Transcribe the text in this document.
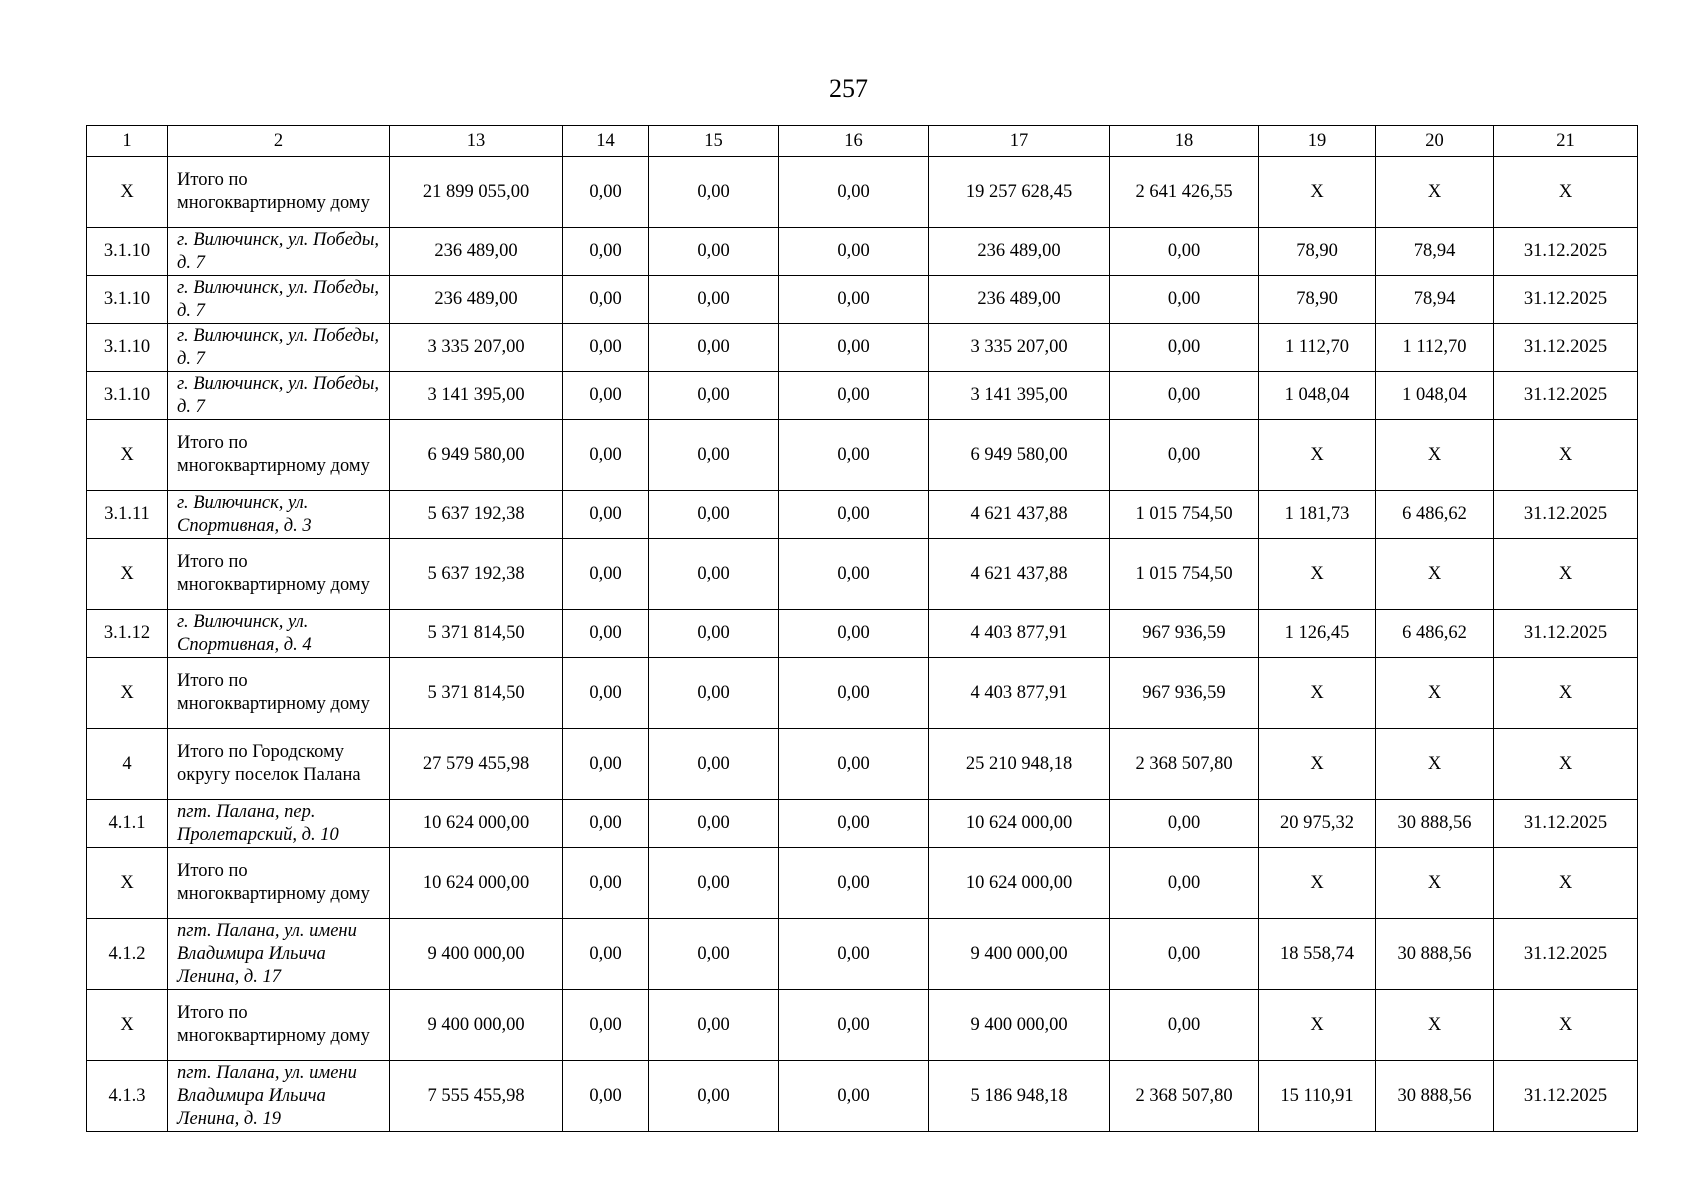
257
1	2	13	14	15	16	17	18	19	20	21
X	Итого по многоквартирному дому	21 899 055,00	0,00	0,00	0,00	19 257 628,45	2 641 426,55	X	X	X
3.1.10	г. Вилючинск, ул. Победы, д. 7	236 489,00	0,00	0,00	0,00	236 489,00	0,00	78,90	78,94	31.12.2025
3.1.10	г. Вилючинск, ул. Победы, д. 7	236 489,00	0,00	0,00	0,00	236 489,00	0,00	78,90	78,94	31.12.2025
3.1.10	г. Вилючинск, ул. Победы, д. 7	3 335 207,00	0,00	0,00	0,00	3 335 207,00	0,00	1 112,70	1 112,70	31.12.2025
3.1.10	г. Вилючинск, ул. Победы, д. 7	3 141 395,00	0,00	0,00	0,00	3 141 395,00	0,00	1 048,04	1 048,04	31.12.2025
X	Итого по многоквартирному дому	6 949 580,00	0,00	0,00	0,00	6 949 580,00	0,00	X	X	X
3.1.11	г. Вилючинск, ул. Спортивная, д. 3	5 637 192,38	0,00	0,00	0,00	4 621 437,88	1 015 754,50	1 181,73	6 486,62	31.12.2025
X	Итого по многоквартирному дому	5 637 192,38	0,00	0,00	0,00	4 621 437,88	1 015 754,50	X	X	X
3.1.12	г. Вилючинск, ул. Спортивная, д. 4	5 371 814,50	0,00	0,00	0,00	4 403 877,91	967 936,59	1 126,45	6 486,62	31.12.2025
X	Итого по многоквартирному дому	5 371 814,50	0,00	0,00	0,00	4 403 877,91	967 936,59	X	X	X
4	Итого по Городскому округу поселок Палана	27 579 455,98	0,00	0,00	0,00	25 210 948,18	2 368 507,80	X	X	X
4.1.1	пгт. Палана, пер. Пролетарский, д. 10	10 624 000,00	0,00	0,00	0,00	10 624 000,00	0,00	20 975,32	30 888,56	31.12.2025
X	Итого по многоквартирному дому	10 624 000,00	0,00	0,00	0,00	10 624 000,00	0,00	X	X	X
4.1.2	пгт. Палана, ул. имени Владимира Ильича Ленина, д. 17	9 400 000,00	0,00	0,00	0,00	9 400 000,00	0,00	18 558,74	30 888,56	31.12.2025
X	Итого по многоквартирному дому	9 400 000,00	0,00	0,00	0,00	9 400 000,00	0,00	X	X	X
4.1.3	пгт. Палана, ул. имени Владимира Ильича Ленина, д. 19	7 555 455,98	0,00	0,00	0,00	5 186 948,18	2 368 507,80	15 110,91	30 888,56	31.12.2025
